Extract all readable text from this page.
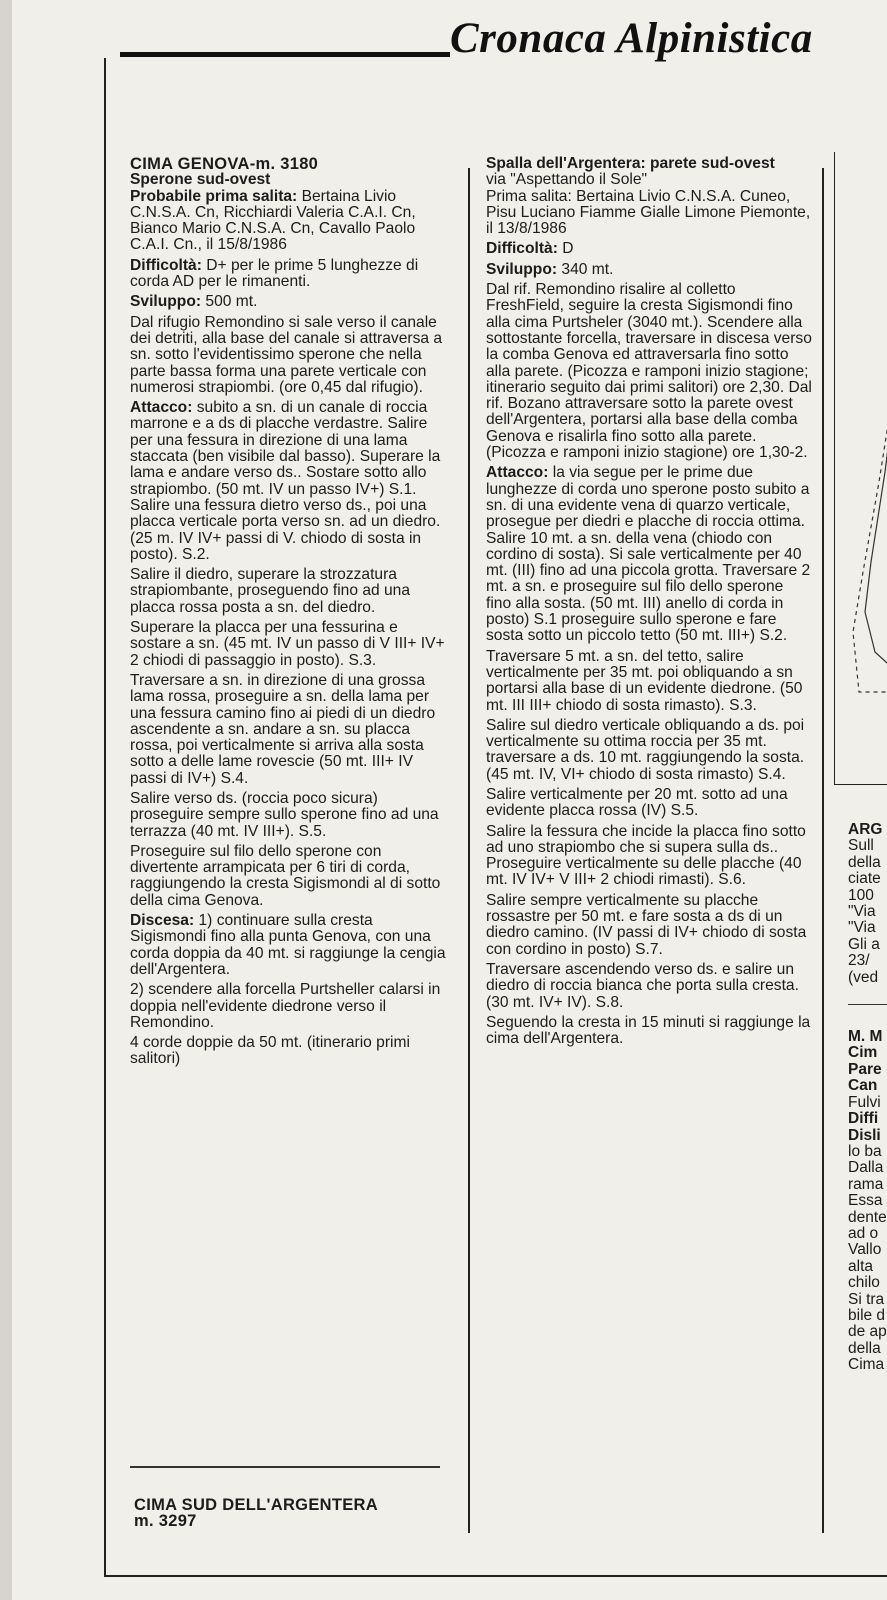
Cronaca Alpinistica
CIMA GENOVA-m. 3180
Sperone sud-ovest

Probabile prima salita: Bertaina Livio C.N.S.A. Cn, Ricchiardi Valeria C.A.I. Cn, Bianco Mario C.N.S.A. Cn, Cavallo Paolo C.A.I. Cn., il 15/8/1986

Difficoltà: D+ per le prime 5 lunghezze di corda AD per le rimanenti.

Sviluppo: 500 mt.

Dal rifugio Remondino si sale verso il canale dei detriti, alla base del canale si attraversa a sn. sotto l'evidentissimo sperone che nella parte bassa forma una parete verticale con numerosi strapiombi. (ore 0,45 dal rifugio).

Attacco: subito a sn. di un canale di roccia marrone e a ds di placche verdastre. Salire per una fessura in direzione di una lama staccata (ben visibile dal basso). Superare la lama e andare verso ds.. Sostare sotto allo strapiombo. (50 mt. IV un passo IV+) S.1. Salire una fessura dietro verso ds., poi una placca verticale porta verso sn. ad un diedro. (25 m. IV IV+ passi di V. chiodo di sosta in posto). S.2.

Salire il diedro, superare la strozzatura strapiombante, proseguendo fino ad una placca rossa posta a sn. del diedro.

Superare la placca per una fessurina e sostare a sn. (45 mt. IV un passo di V III+ IV+ 2 chiodi di passaggio in posto). S.3.

Traversare a sn. in direzione di una grossa lama rossa, proseguire a sn. della lama per una fessura camino fino ai piedi di un diedro ascendente a sn. andare a sn. su placca rossa, poi verticalmente si arriva alla sosta sotto a delle lame rovescie (50 mt. III+ IV passi di IV+) S.4.

Salire verso ds. (roccia poco sicura) proseguire sempre sullo sperone fino ad una terrazza (40 mt. IV III+). S.5.

Proseguire sul filo dello sperone con divertente arrampicata per 6 tiri di corda, raggiungendo la cresta Sigismondi al di sotto della cima Genova.

Discesa: 1) continuare sulla cresta Sigismondi fino alla punta Genova, con una corda doppia da 40 mt. si raggiunge la cengia dell'Argentera.

2) scendere alla forcella Purtsheller calarsi in doppia nell'evidente diedrone verso il Remondino.

4 corde doppie da 50 mt. (itinerario primi salitori)

CIMA SUD DELL'ARGENTERA
m. 3297
Spalla dell'Argentera: parete sud-ovest
via "Aspettando il Sole"

Prima salita: Bertaina Livio C.N.S.A. Cuneo, Pisu Luciano Fiamme Gialle Limone Piemonte, il 13/8/1986

Difficoltà: D

Sviluppo: 340 mt.

Dal rif. Remondino risalire al colletto FreshField, seguire la cresta Sigismondi fino alla cima Purtsheler (3040 mt.). Scendere alla sottostante forcella, traversare in discesa verso la comba Genova ed attraversarla fino sotto alla parete. (Picozza e ramponi inizio stagione; itinerario seguito dai primi salitori) ore 2,30. Dal rif. Bozano attraversare sotto la parete ovest dell'Argentera, portarsi alla base della comba Genova e risalirla fino sotto alla parete. (Picozza e ramponi inizio stagione) ore 1,30-2.

Attacco: la via segue per le prime due lunghezze di corda uno sperone posto subito a sn. di una evidente vena di quarzo verticale, prosegue per diedri e placche di roccia ottima. Salire 10 mt. a sn. della vena (chiodo con cordino di sosta). Si sale verticalmente per 40 mt. (III) fino ad una piccola grotta. Traversare 2 mt. a sn. e proseguire sul filo dello sperone fino alla sosta. (50 mt. III) anello di corda in posto) S.1 proseguire sullo sperone e fare sosta sotto un piccolo tetto (50 mt. III+) S.2.

Traversare 5 mt. a sn. del tetto, salire verticalmente per 35 mt. poi obliquando a sn portarsi alla base di un evidente diedrone. (50 mt. III III+ chiodo di sosta rimasto). S.3.

Salire sul diedro verticale obliquando a ds. poi verticalmente su ottima roccia per 35 mt. traversare a ds. 10 mt. raggiungendo la sosta. (45 mt. IV, VI+ chiodo di sosta rimasto) S.4.

Salire verticalmente per 20 mt. sotto ad una evidente placca rossa (IV) S.5.

Salire la fessura che incide la placca fino sotto ad uno strapiombo che si supera sulla ds.. Proseguire verticalmente su delle placche (40 mt. IV IV+ V III+ 2 chiodi rimasti). S.6.

Salire sempre verticalmente su placche rossastre per 50 mt. e fare sosta a ds di un diedro camino. (IV passi di IV+ chiodo di sosta con cordino in posto) S.7.

Traversare ascendendo verso ds. e salire un diedro di roccia bianca che porta sulla cresta. (30 mt. IV+ IV). S.8.

Seguendo la cresta in 15 minuti si raggiunge la cima dell'Argentera.

ARG
Sull
della
ciate
100
"Via
"Via
Gli a
23/
(ved
M. M
Cim
Pare
Can
Fulvi
Diffi
Disli
lo ba
Dalla
rama
Essa
dente
ad o
Vallo
alta
chilo
Si tra
bile d
de ap
della
Cima
